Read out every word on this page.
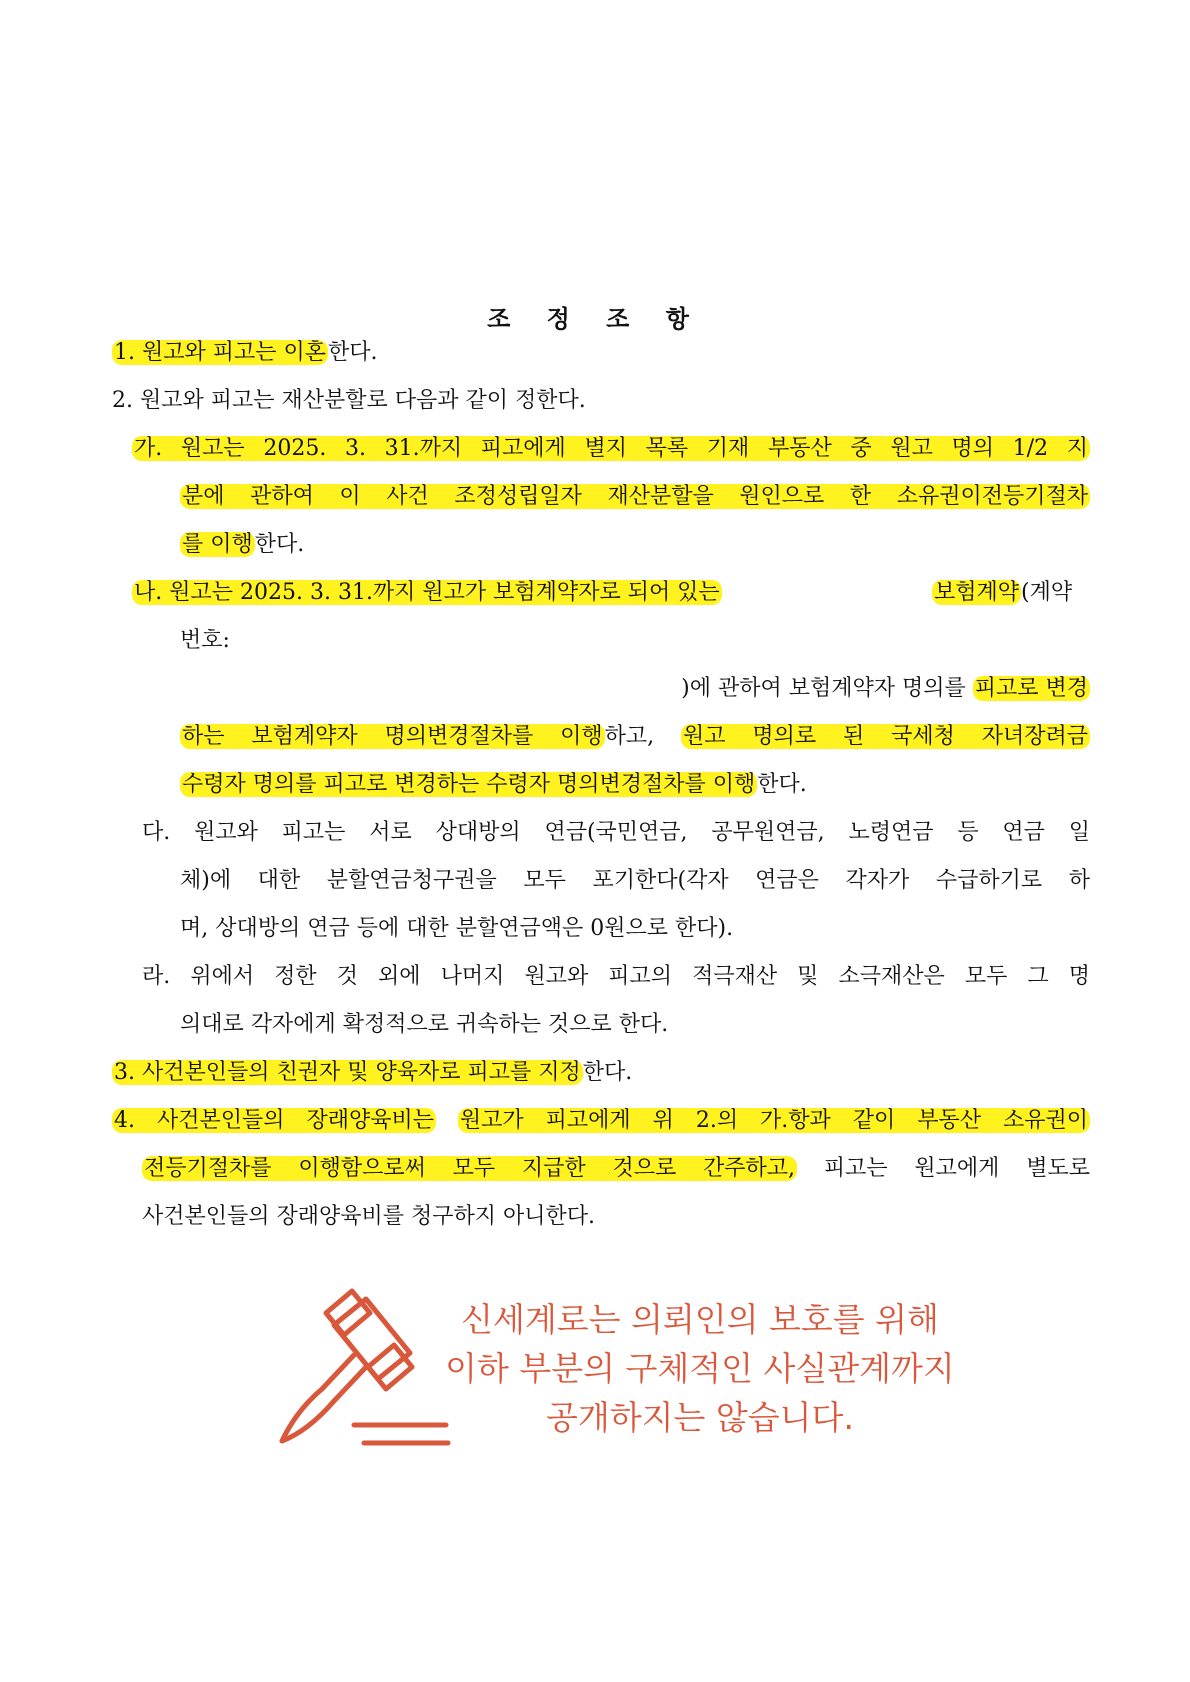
조 정 조 항
1. 원고와 피고는 이혼한다.
2. 원고와 피고는 재산분할로 다음과 같이 정한다.
가. 원고는 2025. 3. 31.까지 피고에게 별지 목록 기재 부동산 중 원고 명의 1/2 지
분에 관하여 이 사건 조정성립일자 재산분할을 원인으로 한 소유권이전등기절차
를 이행한다.
나. 원고는 2025. 3. 31.까지 원고가 보험계약자로 되어 있는	보험계약(계약
번호:
)에 관하여 보험계약자 명의를 피고로 변경
하는 보험계약자 명의변경절차를 이행하고, 원고 명의로 된 국세청 자녀장려금
수령자 명의를 피고로 변경하는 수령자 명의변경절차를 이행한다.
다. 원고와 피고는 서로 상대방의 연금(국민연금, 공무원연금, 노령연금 등 연금 일
체)에 대한 분할연금청구권을 모두 포기한다(각자 연금은 각자가 수급하기로 하
며, 상대방의 연금 등에 대한 분할연금액은 0원으로 한다).
라. 위에서 정한 것 외에 나머지 원고와 피고의 적극재산 및 소극재산은 모두 그 명
의대로 각자에게 확정적으로 귀속하는 것으로 한다.
3. 사건본인들의 친권자 및 양육자로 피고를 지정한다.
4. 사건본인들의 장래양육비는 원고가 피고에게 위 2.의 가.항과 같이 부동산 소유권이
전등기절차를 이행함으로써 모두 지급한 것으로 간주하고, 피고는 원고에게 별도로
사건본인들의 장래양육비를 청구하지 아니한다.
신세계로는 의뢰인의 보호를 위해
이하 부분의 구체적인 사실관계까지
공개하지는 않습니다.
